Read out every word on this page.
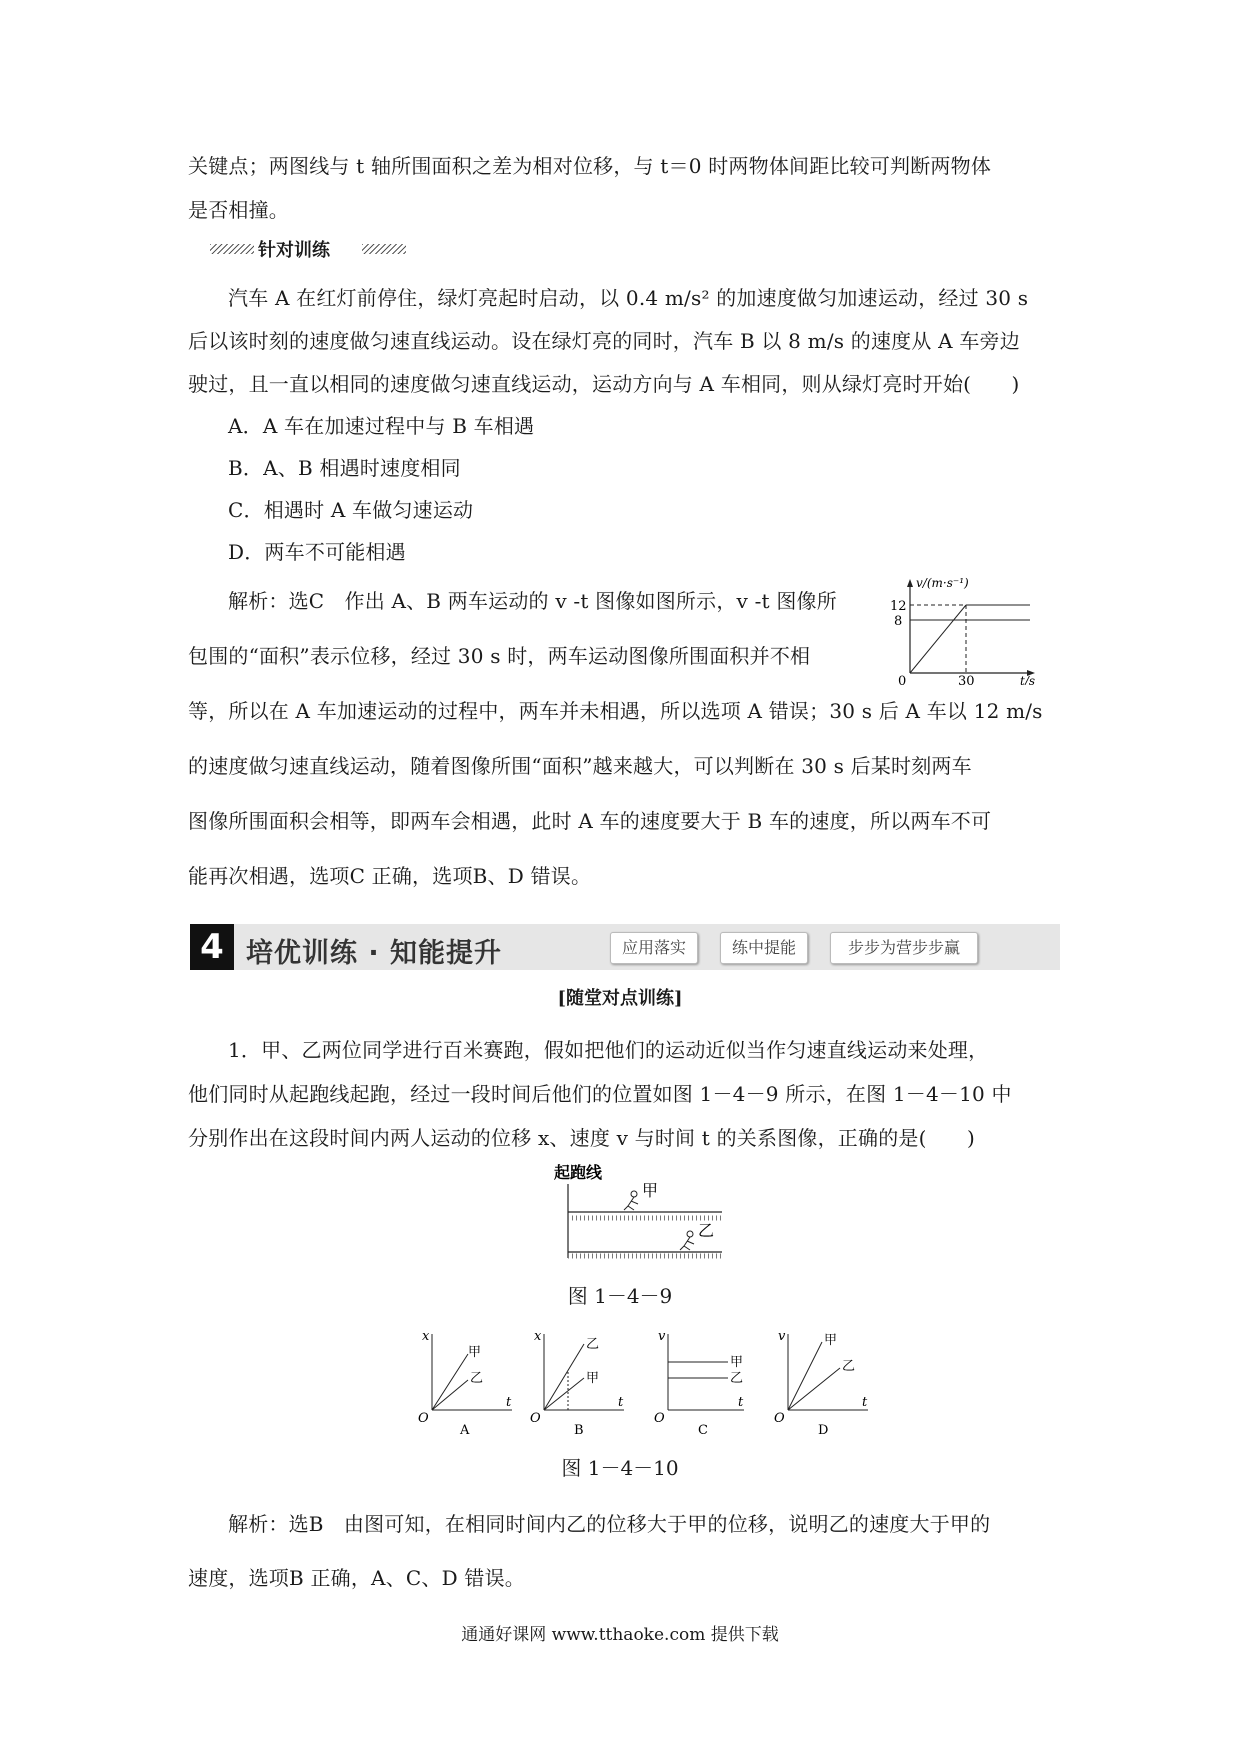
关键点；两图线与 t 轴所围面积之差为相对位移，与 t＝0 时两物体间距比较可判断两物体
是否相撞。
针对训练
汽车 A 在红灯前停住，绿灯亮起时启动，以 0.4 m/s² 的加速度做匀加速运动，经过 30 s
后以该时刻的速度做匀速直线运动。设在绿灯亮的同时，汽车 B 以 8 m/s 的速度从 A 车旁边
驶过，且一直以相同的速度做匀速直线运动，运动方向与 A 车相同，则从绿灯亮时开始(　　)
A．A 车在加速过程中与 B 车相遇
B．A、B 相遇时速度相同
C．相遇时 A 车做匀速运动
D．两车不可能相遇
解析：选C　作出 A、B 两车运动的 v -t 图像如图所示，v -t 图像所
包围的“面积”表示位移，经过 30 s 时，两车运动图像所围面积并不相
等，所以在 A 车加速运动的过程中，两车并未相遇，所以选项 A 错误；30 s 后 A 车以 12 m/s
的速度做匀速直线运动，随着图像所围“面积”越来越大，可以判断在 30 s 后某时刻两车
图像所围面积会相等，即两车会相遇，此时 A 车的速度要大于 B 车的速度，所以两车不可
能再次相遇，选项C 正确，选项B、D 错误。
v/(m·s⁻¹)
12
8
0	30	t/s
4 培优训练 · 知能提升	应用落实	练中提能	步步为营步步赢
[随堂对点训练]
1．甲、乙两位同学进行百米赛跑，假如把他们的运动近似当作匀速直线运动来处理，
他们同时从起跑线起跑，经过一段时间后他们的位置如图 1－4－9 所示，在图 1－4－10 中
分别作出在这段时间内两人运动的位移 x、速度 v 与时间 t 的关系图像，正确的是(　　)
起跑线
甲
乙
图 1－4－9
x
t
O
甲
乙
A
x
t
O
乙
甲
B
v
t
O
甲
乙
C
v
t
O
甲
乙
D
图 1－4－10
解析：选B　由图可知，在相同时间内乙的位移大于甲的位移，说明乙的速度大于甲的
速度，选项B 正确，A、C、D 错误。
通通好课网 www.tthaoke.com 提供下载
